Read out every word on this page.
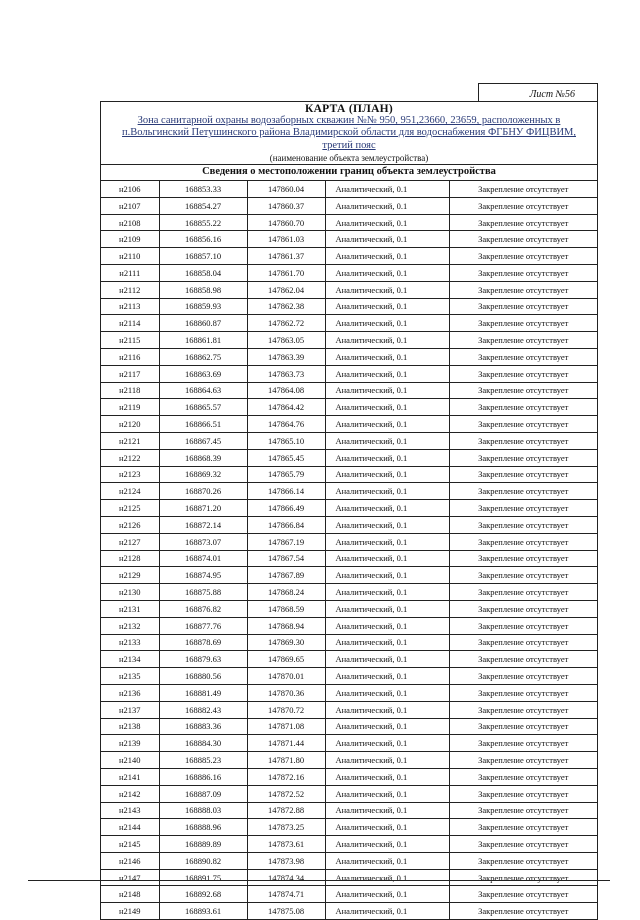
Лист №56
КАРТА (ПЛАН)
Зона санитарной охраны водозаборных скважин №№ 950, 951,23660, 23659, расположенных в
п.Вольгинский Петушинского района Владимирской области для водоснабжения ФГБНУ ФИЦВИМ,
третий пояс
(наименование объекта землеустройства)
Сведения о местоположении границ объекта землеустройства
н2106	168853.33	147860.04	Аналитический, 0.1	Закрепление отсутствует
н2107	168854.27	147860.37	Аналитический, 0.1	Закрепление отсутствует
н2108	168855.22	147860.70	Аналитический, 0.1	Закрепление отсутствует
н2109	168856.16	147861.03	Аналитический, 0.1	Закрепление отсутствует
н2110	168857.10	147861.37	Аналитический, 0.1	Закрепление отсутствует
н2111	168858.04	147861.70	Аналитический, 0.1	Закрепление отсутствует
н2112	168858.98	147862.04	Аналитический, 0.1	Закрепление отсутствует
н2113	168859.93	147862.38	Аналитический, 0.1	Закрепление отсутствует
н2114	168860.87	147862.72	Аналитический, 0.1	Закрепление отсутствует
н2115	168861.81	147863.05	Аналитический, 0.1	Закрепление отсутствует
н2116	168862.75	147863.39	Аналитический, 0.1	Закрепление отсутствует
н2117	168863.69	147863.73	Аналитический, 0.1	Закрепление отсутствует
н2118	168864.63	147864.08	Аналитический, 0.1	Закрепление отсутствует
н2119	168865.57	147864.42	Аналитический, 0.1	Закрепление отсутствует
н2120	168866.51	147864.76	Аналитический, 0.1	Закрепление отсутствует
н2121	168867.45	147865.10	Аналитический, 0.1	Закрепление отсутствует
н2122	168868.39	147865.45	Аналитический, 0.1	Закрепление отсутствует
н2123	168869.32	147865.79	Аналитический, 0.1	Закрепление отсутствует
н2124	168870.26	147866.14	Аналитический, 0.1	Закрепление отсутствует
н2125	168871.20	147866.49	Аналитический, 0.1	Закрепление отсутствует
н2126	168872.14	147866.84	Аналитический, 0.1	Закрепление отсутствует
н2127	168873.07	147867.19	Аналитический, 0.1	Закрепление отсутствует
н2128	168874.01	147867.54	Аналитический, 0.1	Закрепление отсутствует
н2129	168874.95	147867.89	Аналитический, 0.1	Закрепление отсутствует
н2130	168875.88	147868.24	Аналитический, 0.1	Закрепление отсутствует
н2131	168876.82	147868.59	Аналитический, 0.1	Закрепление отсутствует
н2132	168877.76	147868.94	Аналитический, 0.1	Закрепление отсутствует
н2133	168878.69	147869.30	Аналитический, 0.1	Закрепление отсутствует
н2134	168879.63	147869.65	Аналитический, 0.1	Закрепление отсутствует
н2135	168880.56	147870.01	Аналитический, 0.1	Закрепление отсутствует
н2136	168881.49	147870.36	Аналитический, 0.1	Закрепление отсутствует
н2137	168882.43	147870.72	Аналитический, 0.1	Закрепление отсутствует
н2138	168883.36	147871.08	Аналитический, 0.1	Закрепление отсутствует
н2139	168884.30	147871.44	Аналитический, 0.1	Закрепление отсутствует
н2140	168885.23	147871.80	Аналитический, 0.1	Закрепление отсутствует
н2141	168886.16	147872.16	Аналитический, 0.1	Закрепление отсутствует
н2142	168887.09	147872.52	Аналитический, 0.1	Закрепление отсутствует
н2143	168888.03	147872.88	Аналитический, 0.1	Закрепление отсутствует
н2144	168888.96	147873.25	Аналитический, 0.1	Закрепление отсутствует
н2145	168889.89	147873.61	Аналитический, 0.1	Закрепление отсутствует
н2146	168890.82	147873.98	Аналитический, 0.1	Закрепление отсутствует
н2147	168891.75	147874.34	Аналитический, 0.1	Закрепление отсутствует
н2148	168892.68	147874.71	Аналитический, 0.1	Закрепление отсутствует
н2149	168893.61	147875.08	Аналитический, 0.1	Закрепление отсутствует
